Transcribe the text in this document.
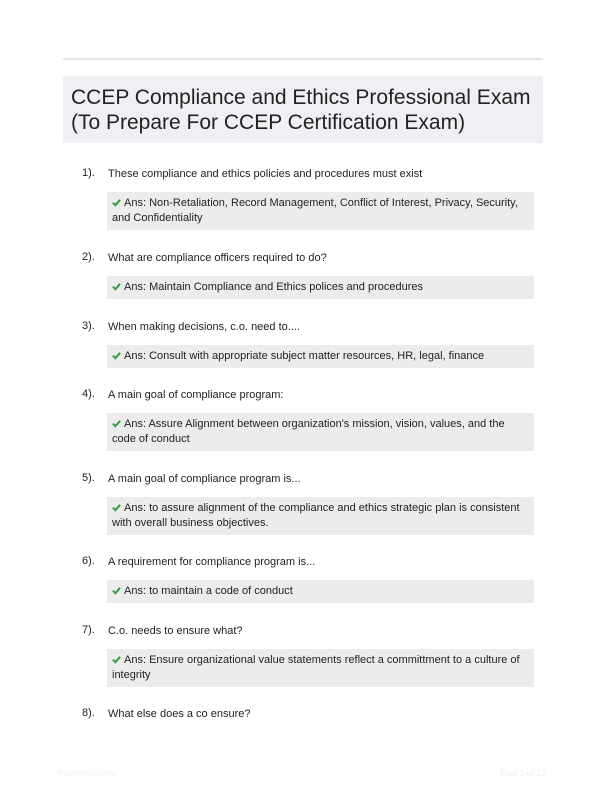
CCEP Compliance and Ethics Professional Exam
(To Prepare For CCEP Certification Exam)
1). These compliance and ethics policies and procedures must exist
Ans: Non-Retaliation, Record Management, Conflict of Interest, Privacy, Security, and Confidentiality
2). What are compliance officers required to do?
Ans: Maintain Compliance and Ethics polices and procedures
3). When making decisions, c.o. need to....
Ans: Consult with appropriate subject matter resources, HR, legal, finance
4). A main goal of compliance program:
Ans: Assure Alignment between organization's mission, vision, values, and the code of conduct
5). A main goal of compliance program is...
Ans: to assure alignment of the compliance and ethics strategic plan is consistent with overall business objectives.
6). A requirement for compliance program is...
Ans: to maintain a code of conduct
7). C.o. needs to ensure what?
Ans: Ensure organizational value statements reflect a committment to a culture of integrity
8). What else does a co ensure?
Paperhub.com	Page 1 of 22
